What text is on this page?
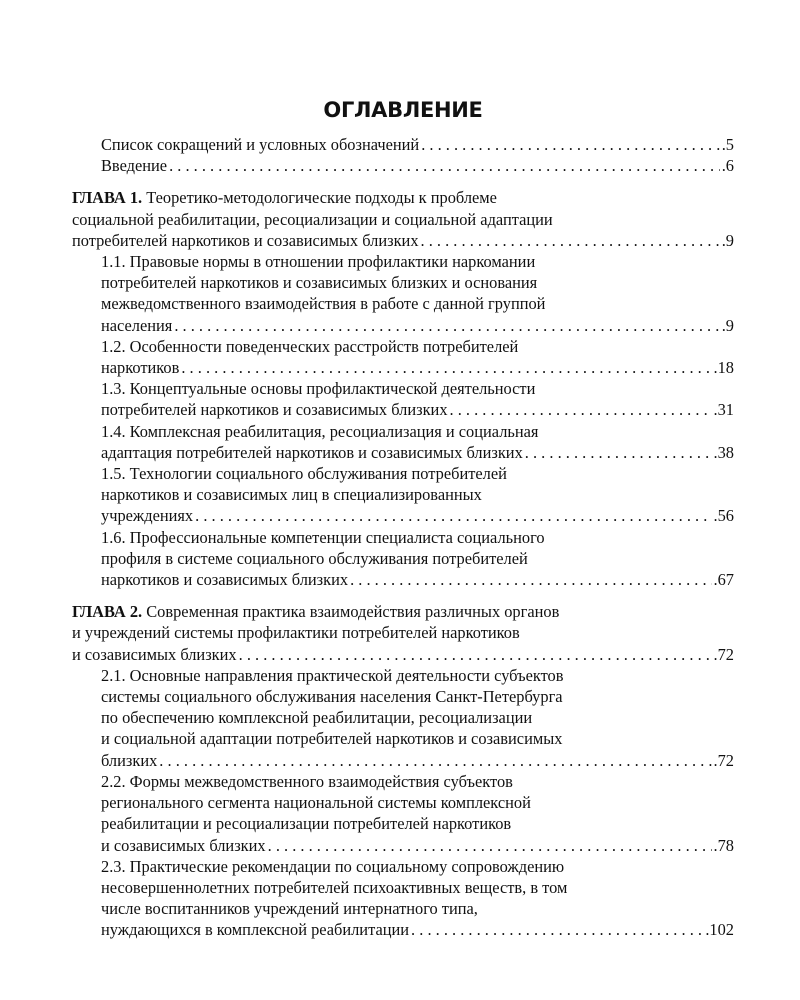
ОГЛАВЛЕНИЕ
Список сокращений и условных обозначений . . .	.5
Введение . . .	.6
ГЛАВА 1. Теоретико-методологические подходы к проблеме
социальной реабилитации, ресоциализации и социальной адаптации
потребителей наркотиков и созависимых близких . . .	.9
1.1. Правовые нормы в отношении профилактики наркомании
потребителей наркотиков и созависимых близких и основания
межведомственного взаимодействия в работе с данной группой
населения . . .	.9
1.2. Особенности поведенческих расстройств потребителей
наркотиков . . .	.18
1.3. Концептуальные основы профилактической деятельности
потребителей наркотиков и созависимых близких . . .	.31
1.4. Комплексная реабилитация, ресоциализация и социальная
адаптация потребителей наркотиков и созависимых близких . . .	.38
1.5. Технологии социального обслуживания потребителей
наркотиков и созависимых лиц в специализированных
учреждениях . . .	.56
1.6. Профессиональные компетенции специалиста социального
профиля в системе социального обслуживания потребителей
наркотиков и созависимых близких . . .	.67
ГЛАВА 2. Современная практика взаимодействия различных органов
и учреждений системы профилактики потребителей наркотиков
и созависимых близких . . .	.72
2.1. Основные направления практической деятельности субъектов
системы социального обслуживания населения Санкт-Петербурга
по обеспечению комплексной реабилитации, ресоциализации
и социальной адаптации потребителей наркотиков и созависимых
близких . . .	.72
2.2. Формы межведомственного взаимодействия субъектов
регионального сегмента национальной системы комплексной
реабилитации и ресоциализации потребителей наркотиков
и созависимых близких . . .	.78
2.3. Практические рекомендации по социальному сопровождению
несовершеннолетних потребителей психоактивных веществ, в том
числе воспитанников учреждений интернатного типа,
нуждающихся в комплексной реабилитации . . .	.102
